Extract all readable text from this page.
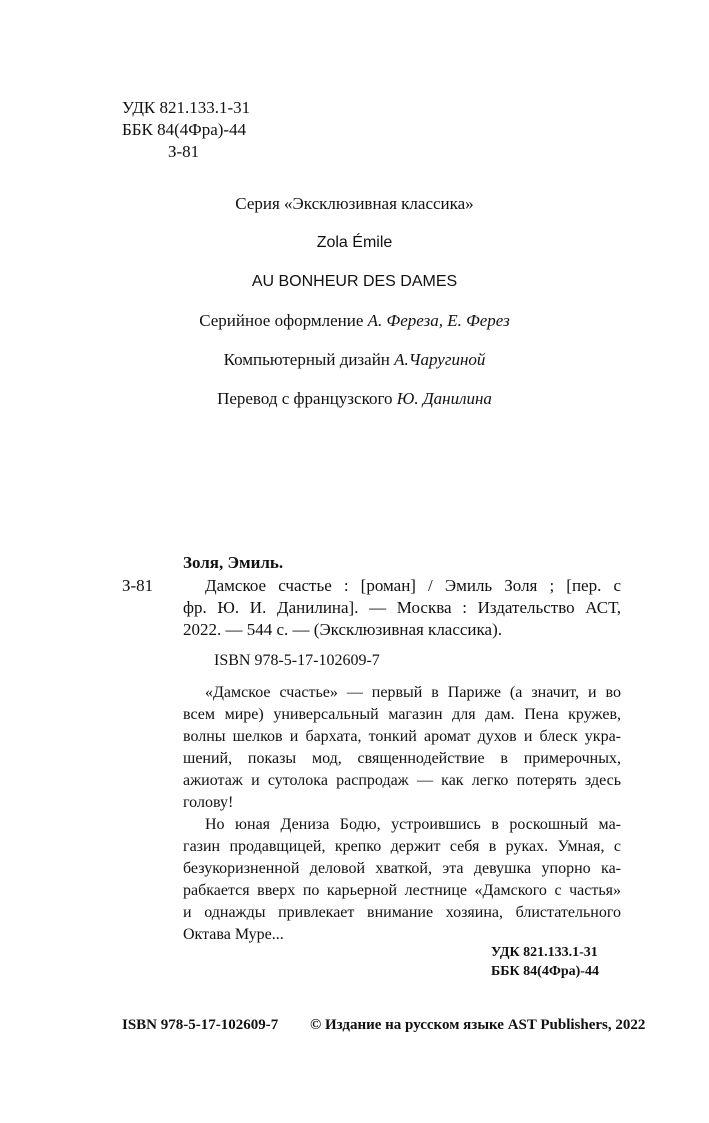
УДК 821.133.1-31
ББК 84(4Фра)-44
З-81
Серия «Эксклюзивная классика»
Zola Émile
AU BONHEUR DES DAMES
Серийное оформление А. Фереза, Е. Ферез
Компьютерный дизайн А.Чаругиной
Перевод с французского Ю. Данилина
Золя, Эмиль.
З-81	Дамское счастье : [роман] / Эмиль Золя ; [пер. с
фр. Ю. И. Данилина]. — Москва : Издательство АСТ,
2022. — 544 с. — (Эксклюзивная классика).
ISBN 978-5-17-102609-7
«Дамское счастье» — первый в Париже (а значит, и во
всем мире) универсальный магазин для дам. Пена кружев,
волны шелков и бархата, тонкий аромат духов и блеск укра-
шений, показы мод, священнодействие в примерочных,
ажиотаж и сутолока распродаж — как легко потерять здесь
голову!
Но юная Дениза Бодю, устроившись в роскошный ма-
газин продавщицей, крепко держит себя в руках. Умная, с
безукоризненной деловой хваткой, эта девушка упорно ка-
рабкается вверх по карьерной лестнице «Дамского с частья»
и однажды привлекает внимание хозяина, блистательного
Октава Муре...
УДК 821.133.1-31
ББК 84(4Фра)-44
ISBN 978-5-17-102609-7 © Издание на русском языке AST Publishers, 2022
